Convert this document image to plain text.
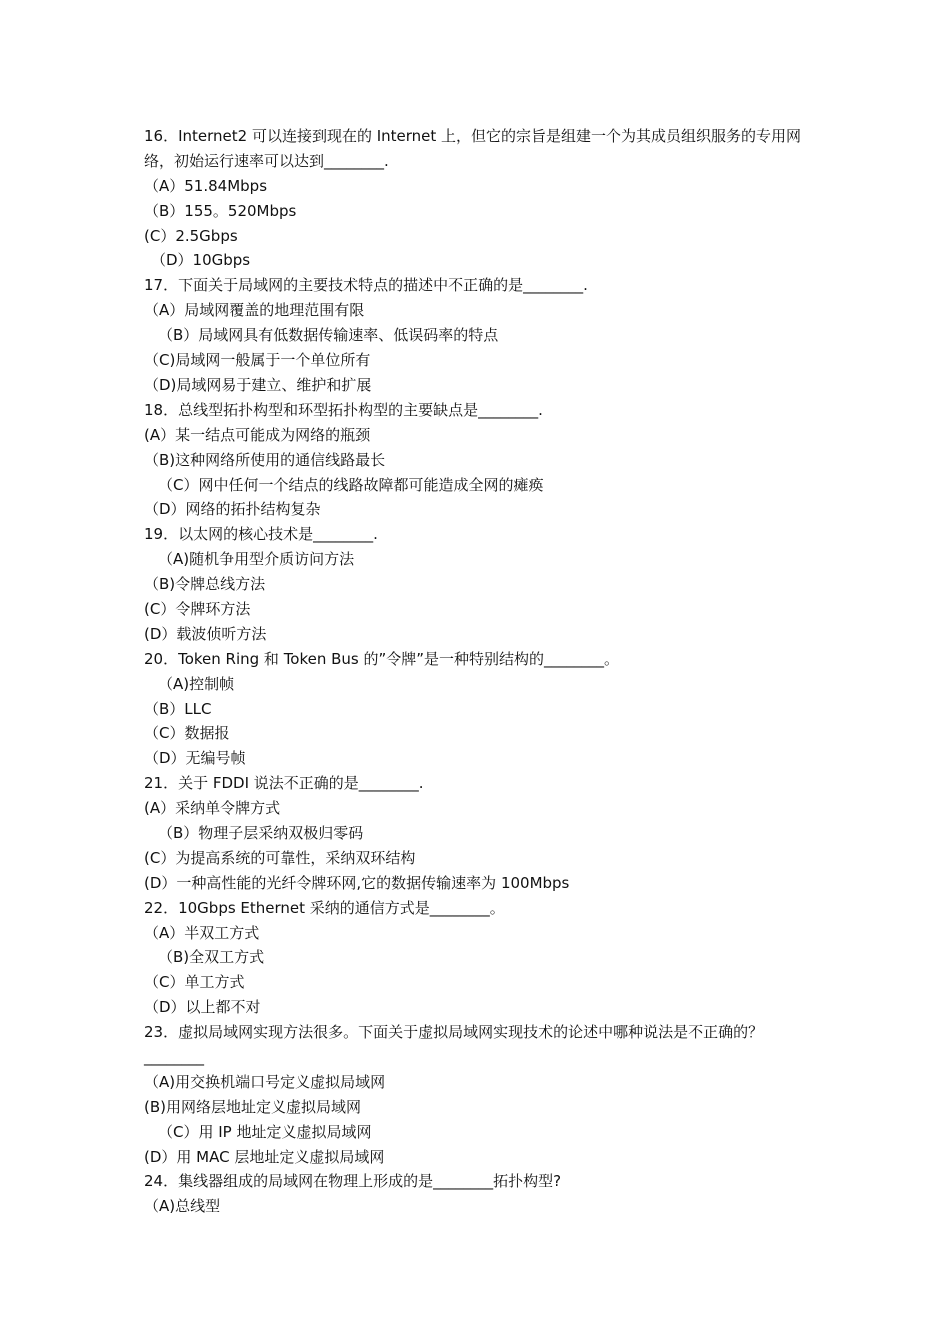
16．Internet2 可以连接到现在的 Internet 上，但它的宗旨是组建一个为其成员组织服务的专用网络，初始运行速率可以达到________.
（A）51.84Mbps
（B）155。520Mbps
(C）2.5Gbps
（D）10Gbps
17．下面关于局域网的主要技术特点的描述中不正确的是________.
（A）局域网覆盖的地理范围有限
（B）局域网具有低数据传输速率、低误码率的特点
（C)局域网一般属于一个单位所有
（D)局域网易于建立、维护和扩展
18．总线型拓扑构型和环型拓扑构型的主要缺点是________.
(A）某一结点可能成为网络的瓶颈
（B)这种网络所使用的通信线路最长
（C）网中任何一个结点的线路故障都可能造成全网的瘫痪
（D）网络的拓扑结构复杂
19．以太网的核心技术是________.
（A)随机争用型介质访问方法
（B)令牌总线方法
(C）令牌环方法
(D）载波侦听方法
20．Token Ring 和 Token Bus 的”令牌”是一种特别结构的________。
（A)控制帧
（B）LLC
（C）数据报
（D）无编号帧
21．关于 FDDI 说法不正确的是________.
(A）采纳单令牌方式
（B）物理子层采纳双极归零码
(C）为提高系统的可靠性，采纳双环结构
(D）一种高性能的光纤令牌环网,它的数据传输速率为 100Mbps
22．10Gbps Ethernet 采纳的通信方式是________。
（A）半双工方式
（B)全双工方式
（C）单工方式
（D）以上都不对
23．虚拟局域网实现方法很多。下面关于虚拟局域网实现技术的论述中哪种说法是不正确的？________
（A)用交换机端口号定义虚拟局域网
(B)用网络层地址定义虚拟局域网
（C）用 IP 地址定义虚拟局域网
(D）用 MAC 层地址定义虚拟局域网
24．集线器组成的局域网在物理上形成的是________拓扑构型?
（A)总线型
